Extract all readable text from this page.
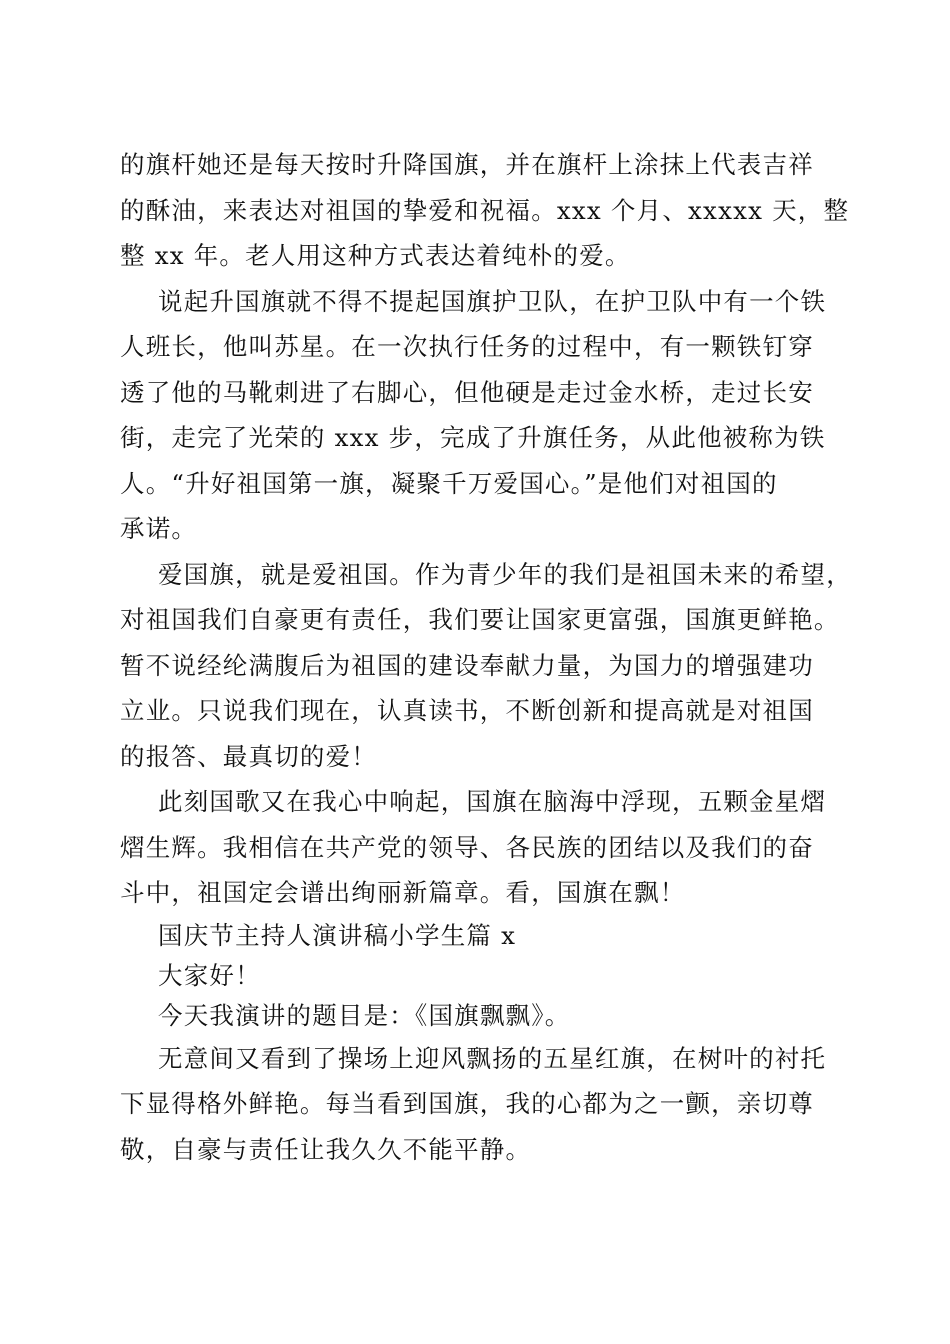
的旗杆她还是每天按时升降国旗，并在旗杆上涂抹上代表吉祥
的酥油，来表达对祖国的挚爱和祝福。xxx 个月、xxxxx 天，整
整 xx 年。老人用这种方式表达着纯朴的爱。
说起升国旗就不得不提起国旗护卫队，在护卫队中有一个铁
人班长，他叫苏星。在一次执行任务的过程中，有一颗铁钉穿
透了他的马靴刺进了右脚心，但他硬是走过金水桥，走过长安
街，走完了光荣的 xxx 步，完成了升旗任务，从此他被称为铁
人。“升好祖国第一旗，凝聚千万爱国心。”是他们对祖国的
承诺。
爱国旗，就是爱祖国。作为青少年的我们是祖国未来的希望，
对祖国我们自豪更有责任，我们要让国家更富强，国旗更鲜艳。
暂不说经纶满腹后为祖国的建设奉献力量，为国力的增强建功
立业。只说我们现在，认真读书，不断创新和提高就是对祖国
的报答、最真切的爱！
此刻国歌又在我心中响起，国旗在脑海中浮现，五颗金星熠
熠生辉。我相信在共产党的领导、各民族的团结以及我们的奋
斗中，祖国定会谱出绚丽新篇章。看，国旗在飘！
国庆节主持人演讲稿小学生篇 x
大家好！
今天我演讲的题目是：《国旗飘飘》。
无意间又看到了操场上迎风飘扬的五星红旗，在树叶的衬托
下显得格外鲜艳。每当看到国旗，我的心都为之一颤，亲切尊
敬，自豪与责任让我久久不能平静。
